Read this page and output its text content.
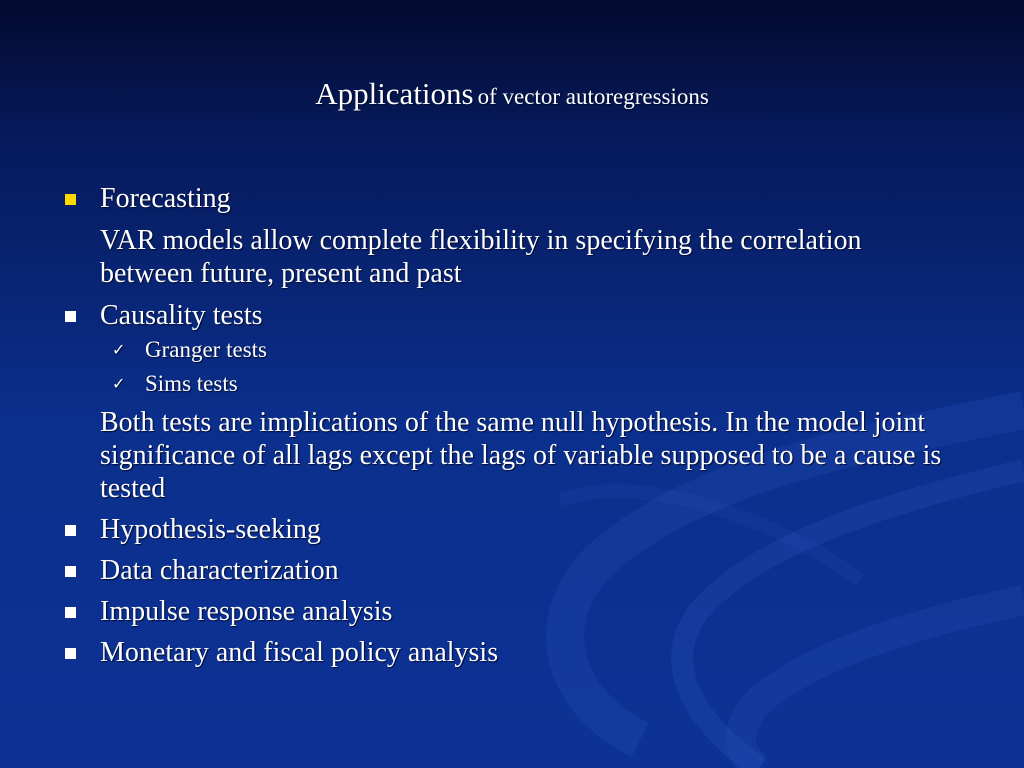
Applications of vector autoregressions
Forecasting
VAR models allow complete flexibility in specifying the correlation between future, present and past
Causality tests
✓ Granger tests
✓ Sims tests
Both tests are implications of the same null hypothesis. In the model joint significance of all lags except the lags of variable supposed to be a cause is tested
Hypothesis-seeking
Data characterization
Impulse response analysis
Monetary and fiscal policy analysis
